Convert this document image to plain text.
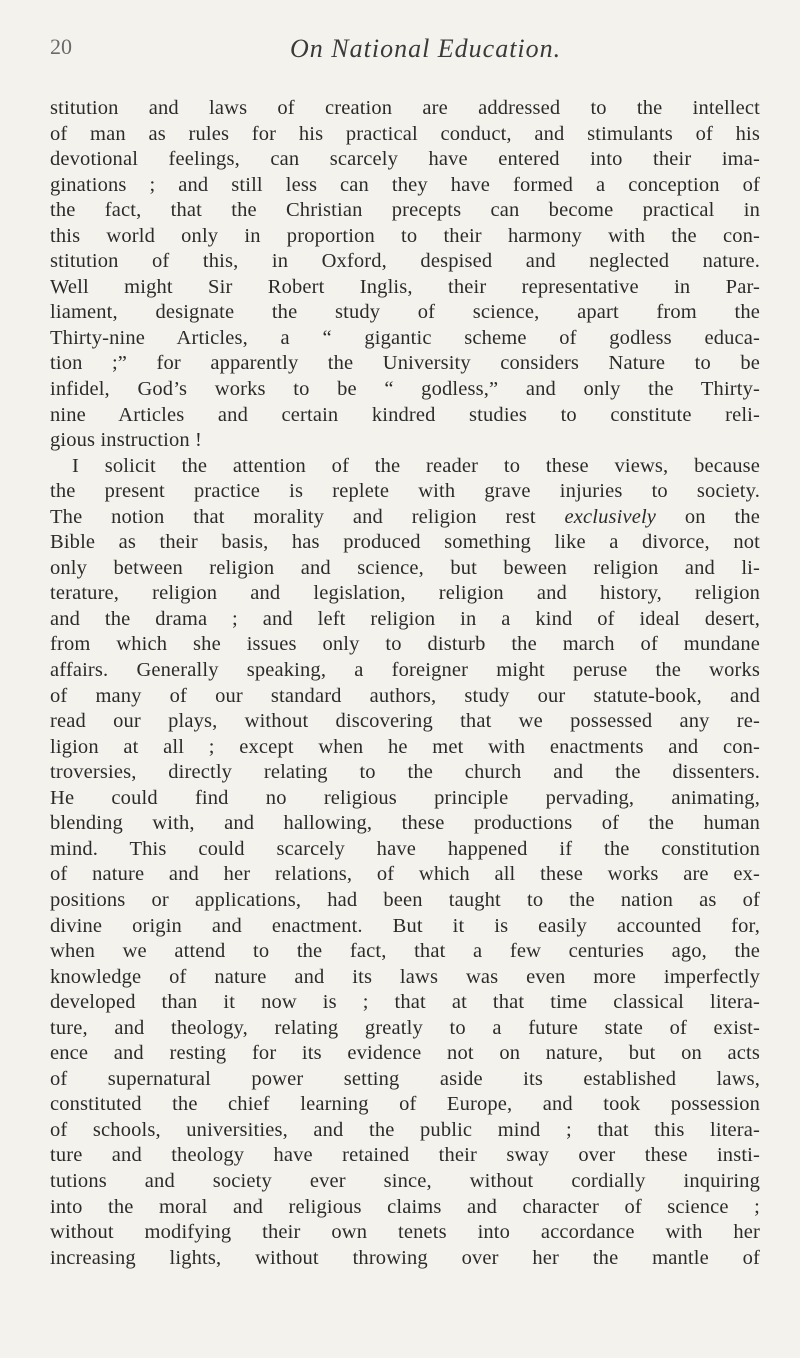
20	On National Education.
stitution and laws of creation are addressed to the intellect
of man as rules for his practical conduct, and stimulants of his
devotional feelings, can scarcely have entered into their ima-
ginations ; and still less can they have formed a conception of
the fact, that the Christian precepts can become practical in
this world only in proportion to their harmony with the con-
stitution of this, in Oxford, despised and neglected nature.
Well might Sir Robert Inglis, their representative in Par-
liament, designate the study of science, apart from the
Thirty-nine Articles, a “ gigantic scheme of godless educa-
tion ;” for apparently the University considers Nature to be
infidel, God’s works to be “ godless,” and only the Thirty-
nine Articles and certain kindred studies to constitute reli-
gious instruction !
I solicit the attention of the reader to these views, because
the present practice is replete with grave injuries to society.
The notion that morality and religion rest exclusively on the
Bible as their basis, has produced something like a divorce, not
only between religion and science, but beween religion and li-
terature, religion and legislation, religion and history, religion
and the drama ; and left religion in a kind of ideal desert,
from which she issues only to disturb the march of mundane
affairs. Generally speaking, a foreigner might peruse the works
of many of our standard authors, study our statute-book, and
read our plays, without discovering that we possessed any re-
ligion at all ; except when he met with enactments and con-
troversies, directly relating to the church and the dissenters.
He could find no religious principle pervading, animating,
blending with, and hallowing, these productions of the human
mind. This could scarcely have happened if the constitution
of nature and her relations, of which all these works are ex-
positions or applications, had been taught to the nation as of
divine origin and enactment. But it is easily accounted for,
when we attend to the fact, that a few centuries ago, the
knowledge of nature and its laws was even more imperfectly
developed than it now is ; that at that time classical litera-
ture, and theology, relating greatly to a future state of exist-
ence and resting for its evidence not on nature, but on acts
of supernatural power setting aside its established laws,
constituted the chief learning of Europe, and took possession
of schools, universities, and the public mind ; that this litera-
ture and theology have retained their sway over these insti-
tutions and society ever since, without cordially inquiring
into the moral and religious claims and character of science ;
without modifying their own tenets into accordance with her
increasing lights, without throwing over her the mantle of
